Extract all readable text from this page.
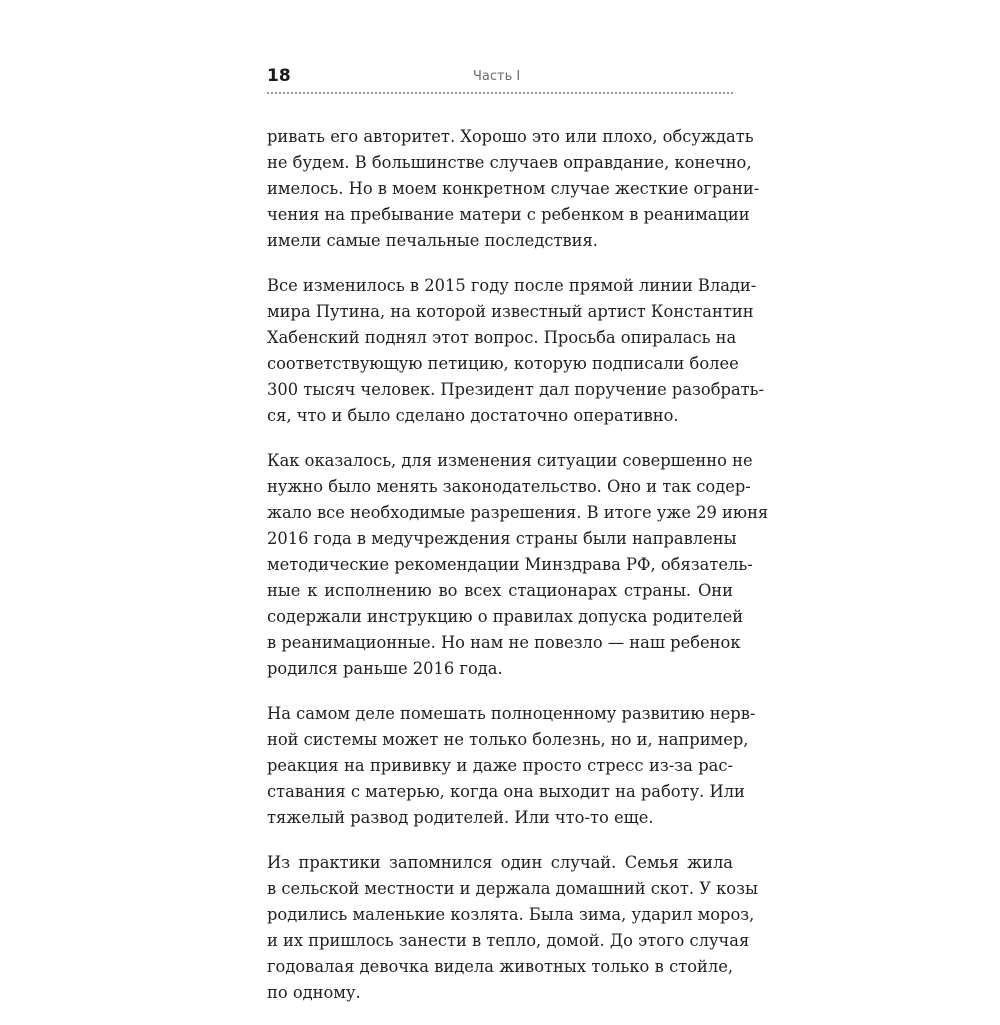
18	Часть I

ривать его авторитет. Хорошо это или плохо, обсуждать
не будем. В большинстве случаев оправдание, конечно,
имелось. Но в моем конкретном случае жесткие ограни-
чения на пребывание матери с ребенком в реанимации
имели самые печальные последствия.

Все изменилось в 2015 году после прямой линии Влади-
мира Путина, на которой известный артист Константин
Хабенский поднял этот вопрос. Просьба опиралась на
соответствующую петицию, которую подписали более
300 тысяч человек. Президент дал поручение разобрать-
ся, что и было сделано достаточно оперативно.

Как оказалось, для изменения ситуации совершенно не
нужно было менять законодательство. Оно и так содер-
жало все необходимые разрешения. В итоге уже 29 июня
2016 года в медучреждения страны были направлены
методические рекомендации Минздрава РФ, обязатель-
ные к исполнению во всех стационарах страны. Они
содержали инструкцию о правилах допуска родителей
в реанимационные. Но нам не повезло — наш ребенок
родился раньше 2016 года.

На самом деле помешать полноценному развитию нерв-
ной системы может не только болезнь, но и, например,
реакция на прививку и даже просто стресс из-за рас-
ставания с матерью, когда она выходит на работу. Или
тяжелый развод родителей. Или что-то еще.

Из практики запомнился один случай. Семья жила
в сельской местности и держала домашний скот. У козы
родились маленькие козлята. Была зима, ударил мороз,
и их пришлось занести в тепло, домой. До этого случая
годовалая девочка видела животных только в стойле,
по одному.
